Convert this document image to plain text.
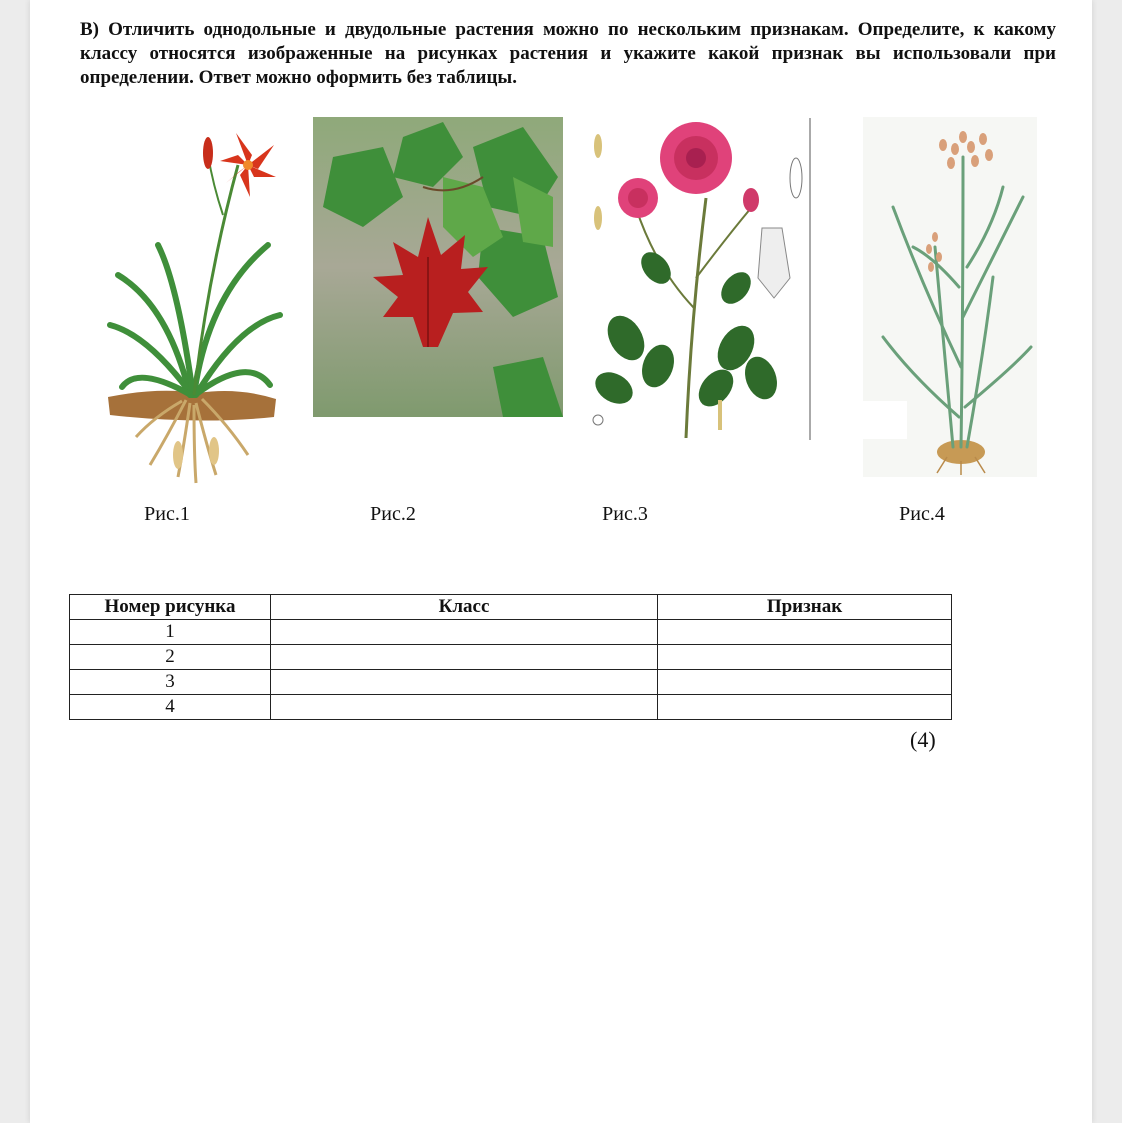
В) Отличить однодольные и двудольные растения можно по нескольким признакам. Определите, к какому классу относятся изображенные на рисунках растения и укажите какой признак вы использовали при определении. Ответ можно оформить без таблицы.

Рис.1	Рис.2	Рис.3	Рис.4
Номер рисунка	Класс	Признак
1		
2		
3		
4		
(4)
